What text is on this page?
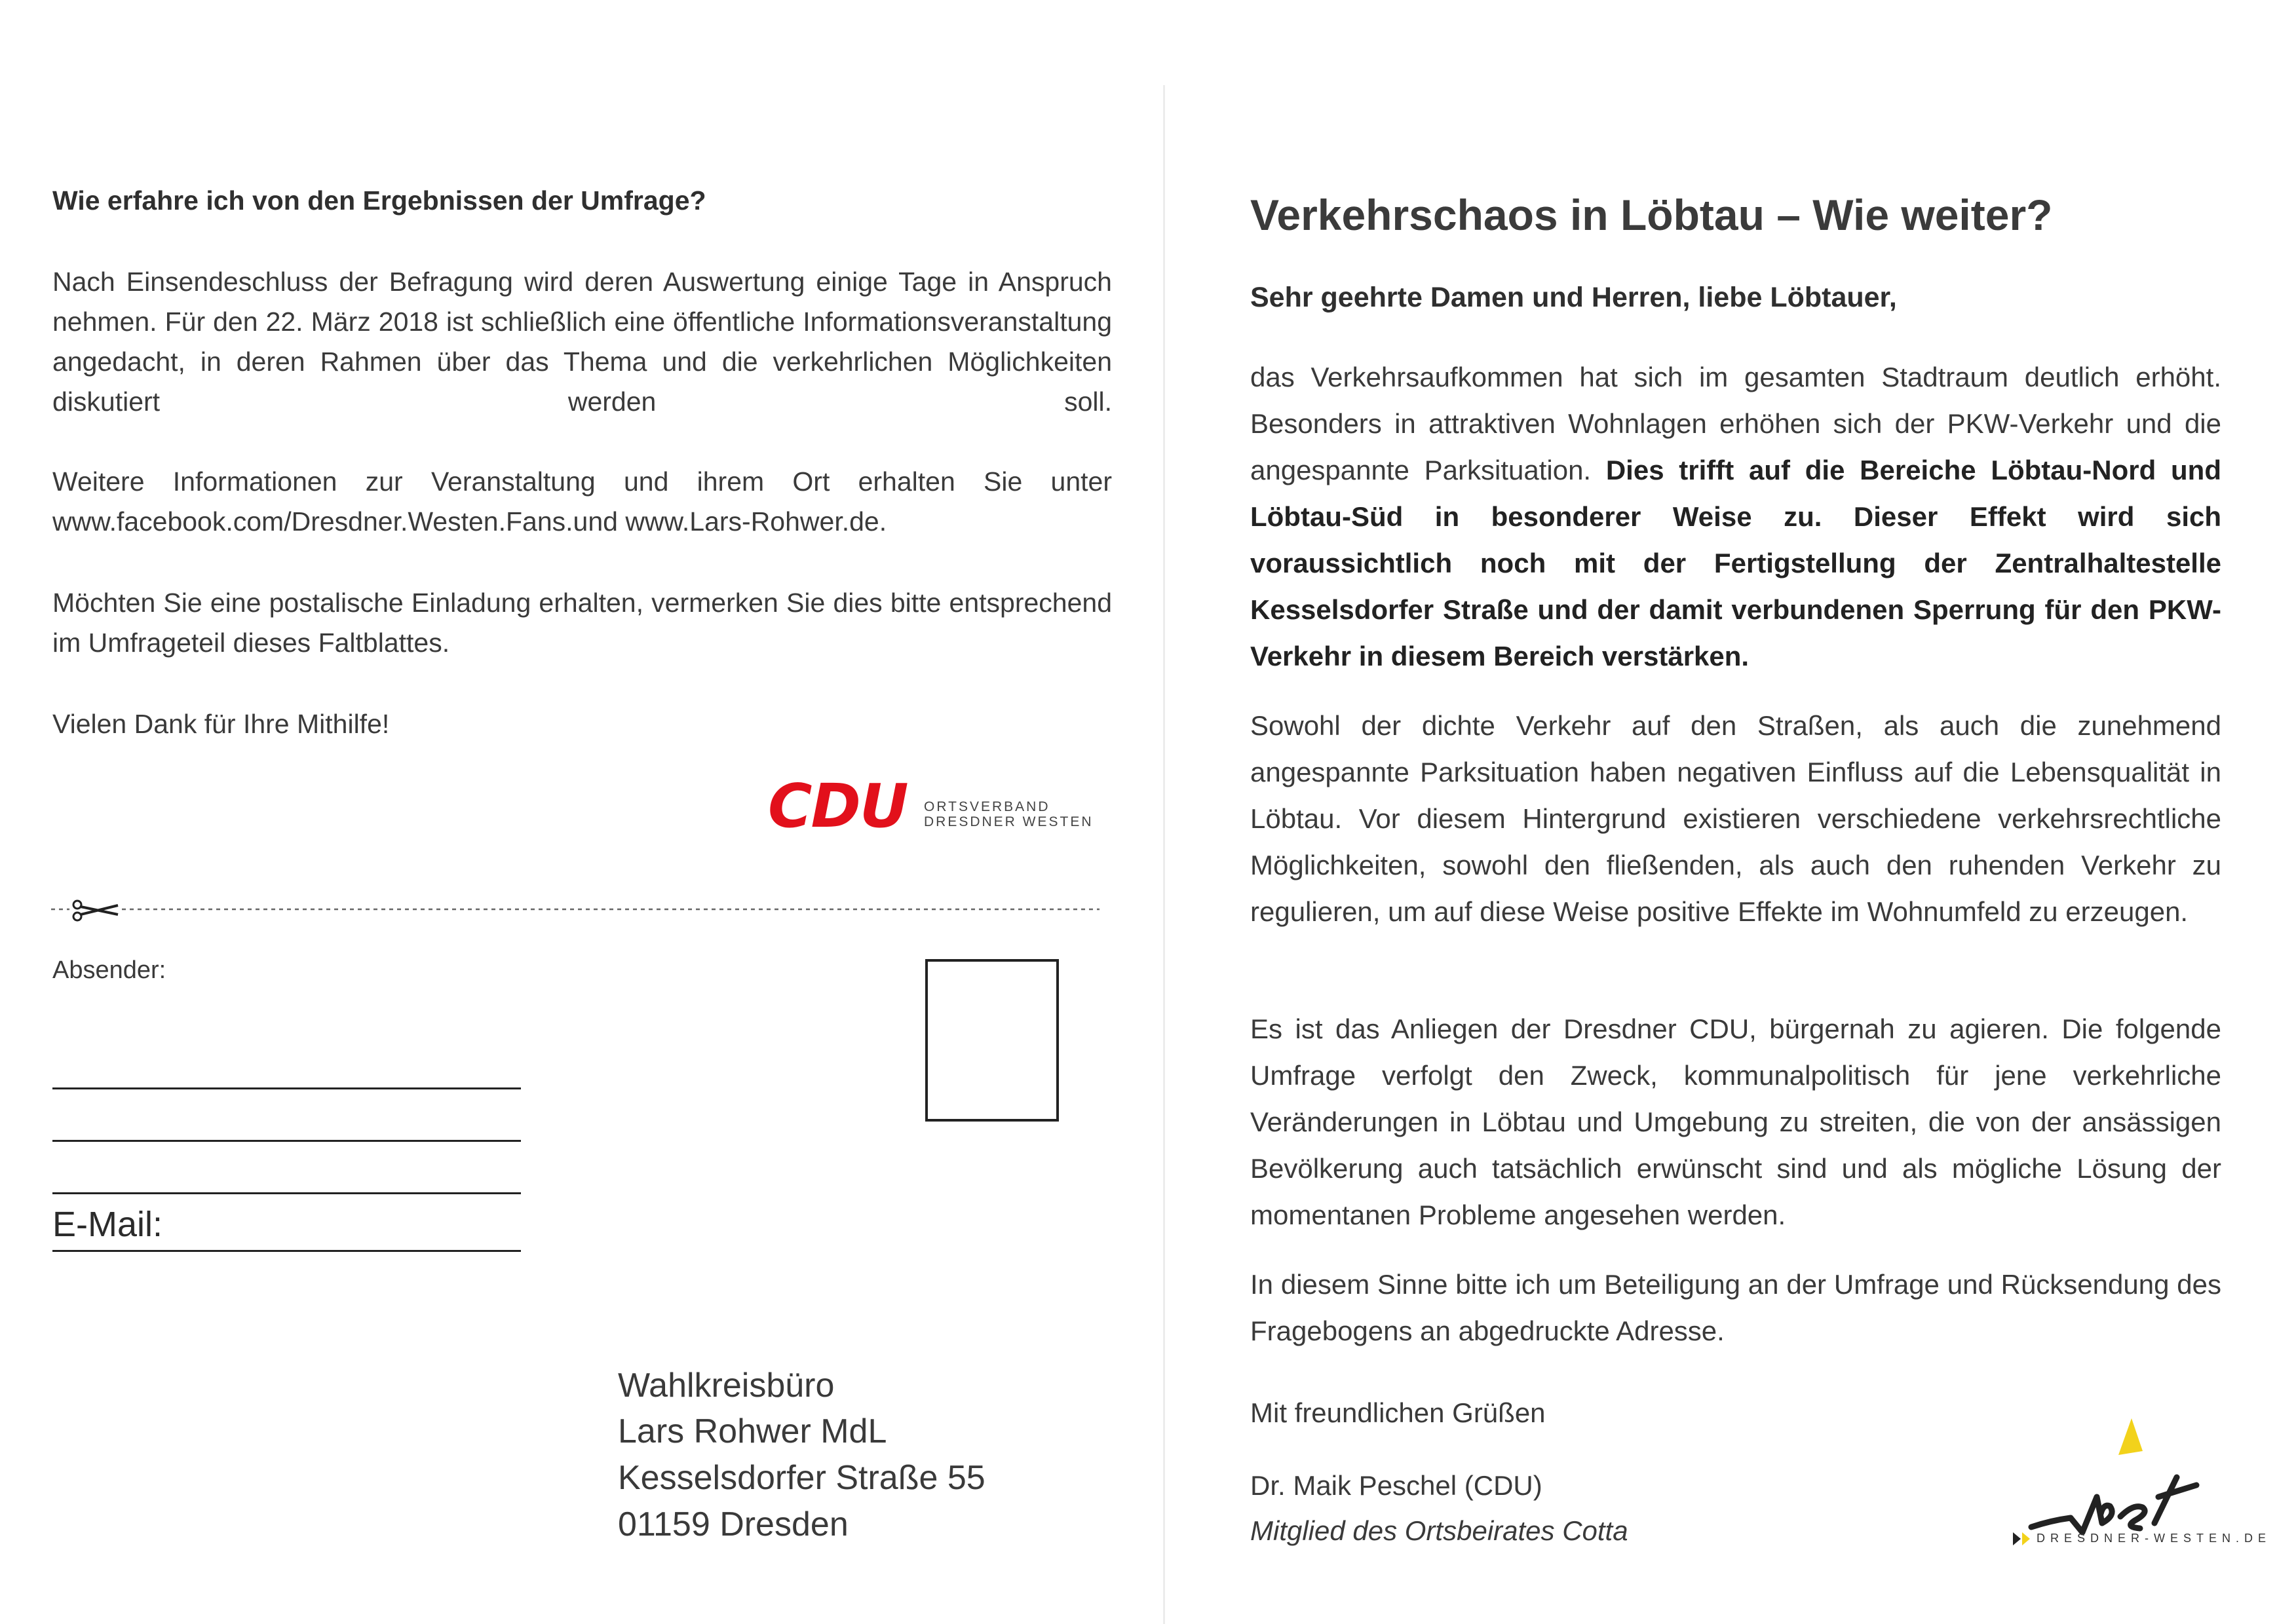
Wie erfahre ich von den Ergebnissen der Umfrage?

Nach Einsendeschluss der Befragung wird deren Auswertung einige Tage in Anspruch nehmen. Für den 22. März 2018 ist schließlich eine öffentliche Informationsveranstaltung angedacht, in deren Rahmen über das Thema und die verkehrlichen Möglichkeiten diskutiert werden soll.

Weitere Informationen zur Veranstaltung und ihrem Ort erhalten Sie unter www.facebook.com/Dresdner.Westen.Fans.und www.Lars-Rohwer.de.

Möchten Sie eine postalische Einladung erhalten, vermerken Sie dies bitte entsprechend im Umfrageteil dieses Faltblattes.

Vielen Dank für Ihre Mithilfe!

CDU ORTSVERBAND
DRESDNER WESTEN

Absender:

E-Mail:
Wahlkreisbüro
Lars Rohwer MdL
Kesselsdorfer Straße 55
01159 Dresden
Verkehrschaos in Löbtau – Wie weiter?

Sehr geehrte Damen und Herren, liebe Löbtauer,

das Verkehrsaufkommen hat sich im gesamten Stadtraum deutlich erhöht. Besonders in attraktiven Wohnlagen erhöhen sich der PKW-Verkehr und die angespannte Parksituation. Dies trifft auf die Bereiche Löbtau-Nord und Löbtau-Süd in besonderer Weise zu. Dieser Effekt wird sich voraussichtlich noch mit der Fertigstellung der Zentralhaltestelle Kesselsdorfer Straße und der damit verbundenen Sperrung für den PKW-Verkehr in diesem Bereich verstärken.

Sowohl der dichte Verkehr auf den Straßen, als auch die zunehmend angespannte Parksituation haben negativen Einfluss auf die Lebensqualität in Löbtau. Vor diesem Hintergrund existieren verschiedene verkehrsrechtliche Möglichkeiten, sowohl den fließenden, als auch den ruhenden Verkehr zu regulieren, um auf diese Weise positive Effekte im Wohnumfeld zu erzeugen.

Es ist das Anliegen der Dresdner CDU, bürgernah zu agieren. Die folgende Umfrage verfolgt den Zweck, kommunalpolitisch für jene verkehrliche Veränderungen in Löbtau und Umgebung zu streiten, die von der ansässigen Bevölkerung auch tatsächlich erwünscht sind und als mögliche Lösung der momentanen Probleme angesehen werden.

In diesem Sinne bitte ich um Beteiligung an der Umfrage und Rücksendung des Fragebogens an abgedruckte Adresse.

Mit freundlichen Grüßen

Dr. Maik Peschel (CDU)

Mitglied des Ortsbeirates Cotta	DRESDNER-WESTEN.DE
